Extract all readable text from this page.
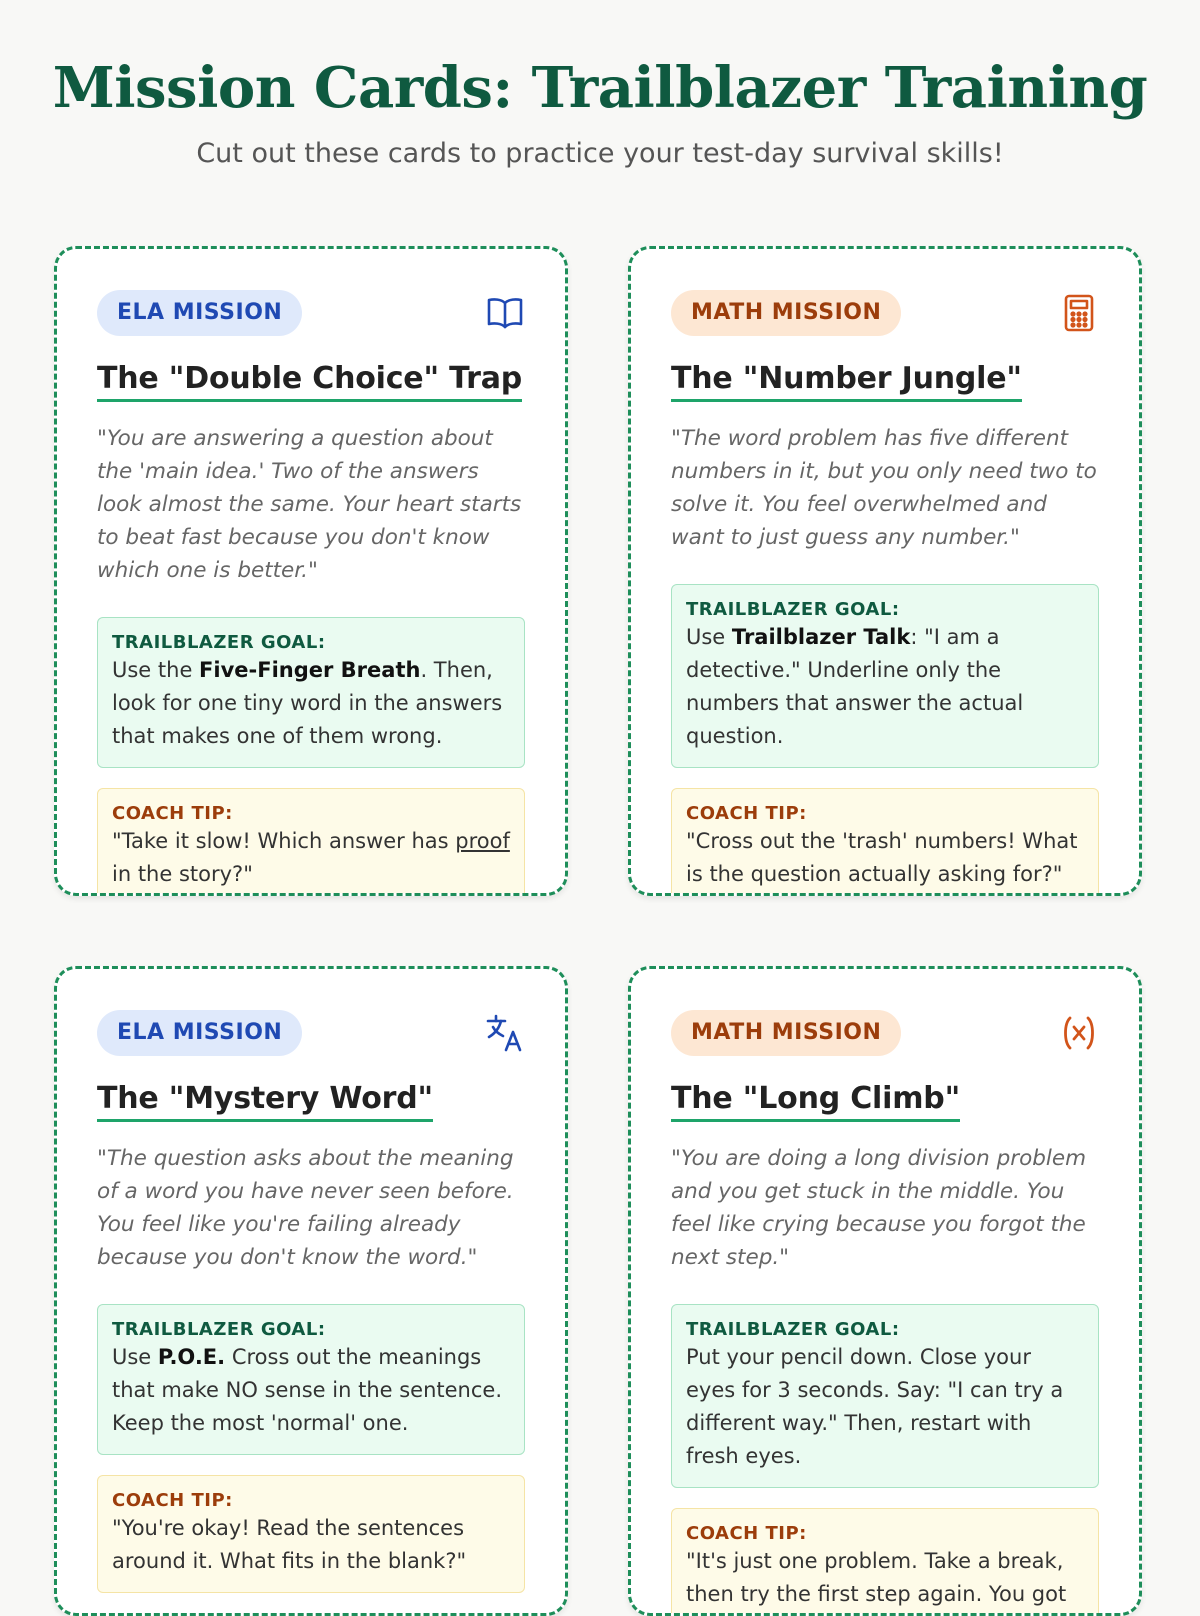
Mission Cards: Trailblazer Training

Cut out these cards to practice your test-day survival skills!

ELA MISSION
The "Double Choice" Trap

"You are answering a question about the 'main idea.' Two of the answers look almost the same. Your heart starts to beat fast because you don't know which one is better."

TRAILBLAZER GOAL:
Use the Five-Finger Breath. Then, look for one tiny word in the answers that makes one of them wrong.
COACH TIP:
"Take it slow! Which answer has proof in the story?"
MATH MISSION
The "Number Jungle"

"The word problem has five different numbers in it, but you only need two to solve it. You feel overwhelmed and want to just guess any number."

TRAILBLAZER GOAL:
Use Trailblazer Talk: "I am a detective." Underline only the numbers that answer the actual question.
COACH TIP:
"Cross out the 'trash' numbers! What is the question actually asking for?"
ELA MISSION
The "Mystery Word"

"The question asks about the meaning of a word you have never seen before. You feel like you're failing already because you don't know the word."

TRAILBLAZER GOAL:
Use P.O.E. Cross out the meanings that make NO sense in the sentence. Keep the most 'normal' one.
COACH TIP:
"You're okay! Read the sentences around it. What fits in the blank?"
MATH MISSION
The "Long Climb"

"You are doing a long division problem and you get stuck in the middle. You feel like crying because you forgot the next step."

TRAILBLAZER GOAL:
Put your pencil down. Close your eyes for 3 seconds. Say: "I can try a different way." Then, restart with fresh eyes.
COACH TIP:
"It's just one problem. Take a break, then try the first step again. You got
